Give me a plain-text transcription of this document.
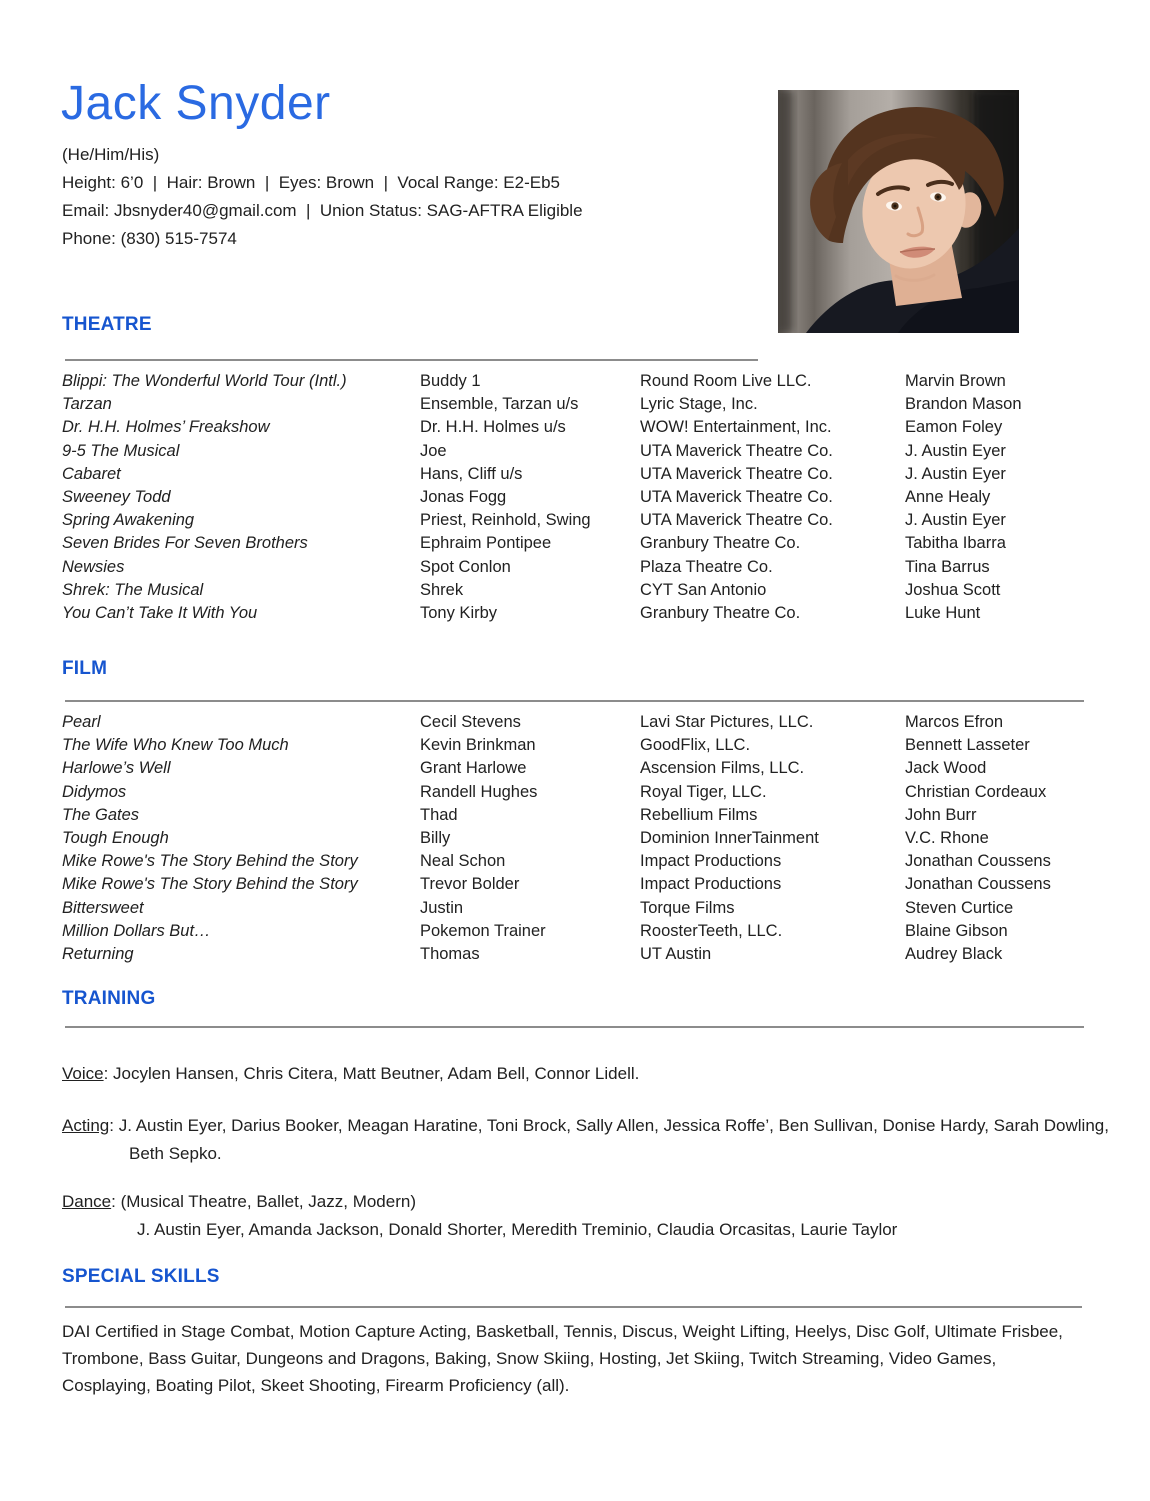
Jack Snyder
(He/Him/His)
Height: 6’0  |  Hair: Brown  |  Eyes: Brown  |  Vocal Range: E2-Eb5
Email: Jbsnyder40@gmail.com  |  Union Status: SAG-AFTRA Eligible
Phone: (830) 515-7574
THEATRE
Blippi: The Wonderful World Tour (Intl.)	Buddy 1	Round Room Live LLC.	Marvin Brown
Tarzan	Ensemble, Tarzan u/s	Lyric Stage, Inc.	Brandon Mason
Dr. H.H. Holmes’ Freakshow	Dr. H.H. Holmes u/s	WOW! Entertainment, Inc.	Eamon Foley
9-5 The Musical	Joe	UTA Maverick Theatre Co.	J. Austin Eyer
Cabaret	Hans, Cliff u/s	UTA Maverick Theatre Co.	J. Austin Eyer
Sweeney Todd	Jonas Fogg	UTA Maverick Theatre Co.	Anne Healy
Spring Awakening	Priest, Reinhold, Swing	UTA Maverick Theatre Co.	J. Austin Eyer
Seven Brides For Seven Brothers	Ephraim Pontipee	Granbury Theatre Co.	Tabitha Ibarra
Newsies	Spot Conlon	Plaza Theatre Co.	Tina Barrus
Shrek: The Musical	Shrek	CYT San Antonio	Joshua Scott
You Can’t Take It With You	Tony Kirby	Granbury Theatre Co.	Luke Hunt
FILM
Pearl	Cecil Stevens	Lavi Star Pictures, LLC.	Marcos Efron
The Wife Who Knew Too Much	Kevin Brinkman	GoodFlix, LLC.	Bennett Lasseter
Harlowe’s Well	Grant Harlowe	Ascension Films, LLC.	Jack Wood
Didymos	Randell Hughes	Royal Tiger, LLC.	Christian Cordeaux
The Gates	Thad	Rebellium Films	John Burr
Tough Enough	Billy	Dominion InnerTainment	V.C. Rhone
Mike Rowe's The Story Behind the Story	Neal Schon	Impact Productions	Jonathan Coussens
Mike Rowe's The Story Behind the Story	Trevor Bolder	Impact Productions	Jonathan Coussens
Bittersweet	Justin	Torque Films	Steven Curtice
Million Dollars But…	Pokemon Trainer	RoosterTeeth, LLC.	Blaine Gibson
Returning	Thomas	UT Austin	Audrey Black
TRAINING
Voice: Jocylen Hansen, Chris Citera, Matt Beutner, Adam Bell, Connor Lidell.
Acting: J. Austin Eyer, Darius Booker, Meagan Haratine, Toni Brock, Sally Allen, Jessica Roffe’, Ben Sullivan, Donise Hardy, Sarah Dowling, Beth Sepko.
Dance: (Musical Theatre, Ballet, Jazz, Modern)
J. Austin Eyer, Amanda Jackson, Donald Shorter, Meredith Treminio, Claudia Orcasitas, Laurie Taylor
SPECIAL SKILLS
DAI Certified in Stage Combat, Motion Capture Acting, Basketball, Tennis, Discus, Weight Lifting, Heelys, Disc Golf, Ultimate Frisbee, Trombone, Bass Guitar, Dungeons and Dragons, Baking, Snow Skiing, Hosting, Jet Skiing, Twitch Streaming, Video Games, Cosplaying, Boating Pilot, Skeet Shooting, Firearm Proficiency (all).
